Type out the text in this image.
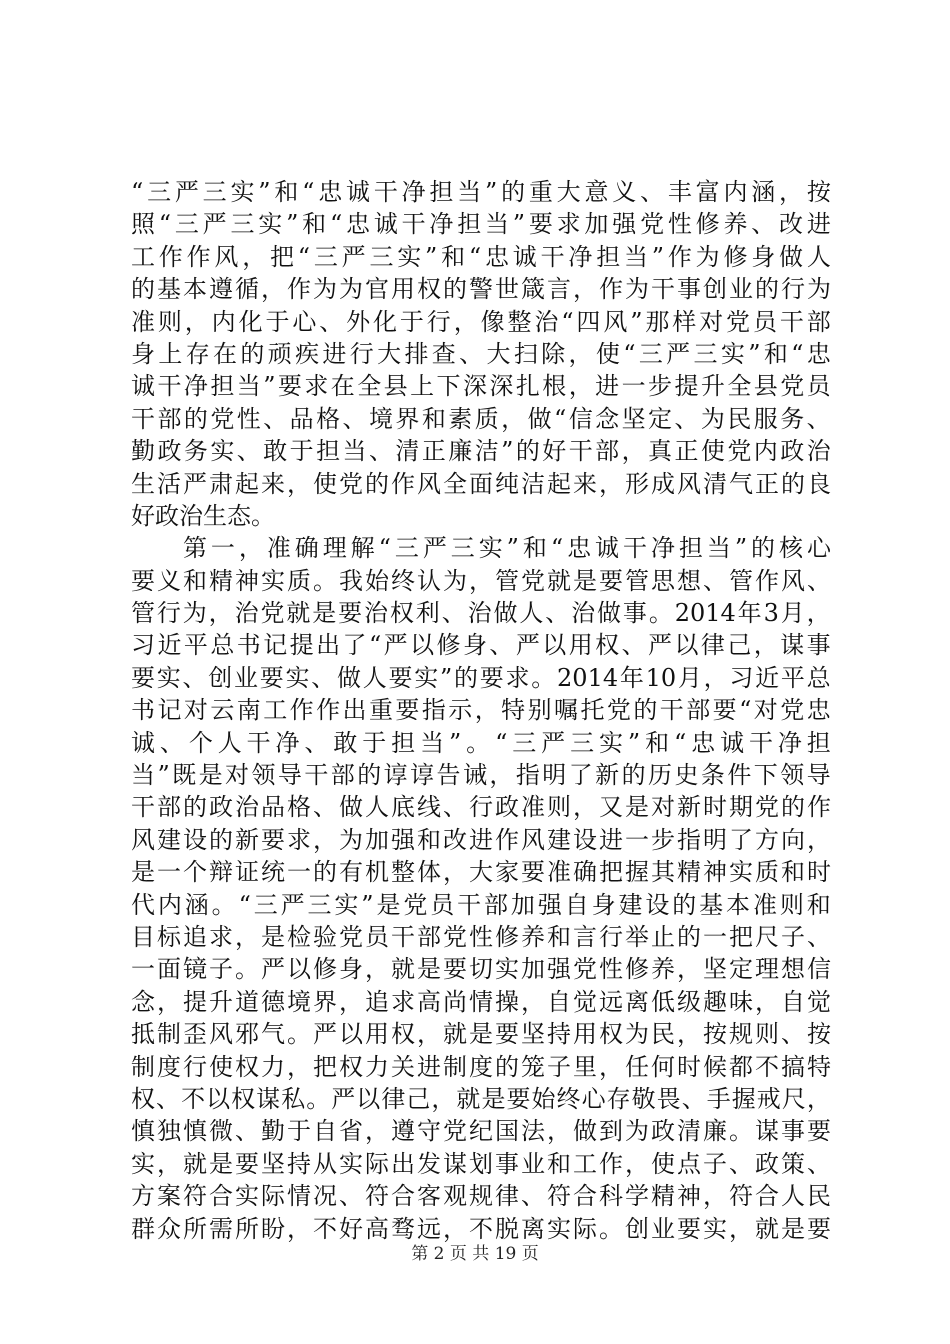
“ 三 严 三 实 ” 和 “ 忠 诚 干 净 担 当 ” 的 重 大 意 义 、 丰 富 内 涵 ， 按
照 “ 三 严 三 实 ” 和 “ 忠 诚 干 净 担 当 ” 要 求 加 强 党 性 修 养 、 改 进
工 作 作 风 ， 把 “ 三 严 三 实 ” 和 “ 忠 诚 干 净 担 当 ” 作 为 修 身 做 人
的 基 本 遵 循 ， 作 为 为 官 用 权 的 警 世 箴 言 ， 作 为 干 事 创 业 的 行 为
准 则 ， 内 化 于 心 、 外 化 于 行 ， 像 整 治 “ 四 风 ” 那 样 对 党 员 干 部
身 上 存 在 的 顽 疾 进 行 大 排 查 、 大 扫 除 ， 使 “ 三 严 三 实 ” 和 “ 忠
诚 干 净 担 当 ” 要 求 在 全 县 上 下 深 深 扎 根 ， 进 一 步 提 升 全 县 党 员
干 部 的 党 性 、 品 格 、 境 界 和 素 质 ， 做 “ 信 念 坚 定 、 为 民 服 务 、
勤 政 务 实 、 敢 于 担 当 、 清 正 廉 洁 ” 的 好 干 部 ， 真 正 使 党 内 政 治
生 活 严 肃 起 来 ， 使 党 的 作 风 全 面 纯 洁 起 来 ， 形 成 风 清 气 正 的 良
好政治生态。

第 一 ， 准 确 理 解 “ 三 严 三 实 ” 和 “ 忠 诚 干 净 担 当 ” 的 核 心
要 义 和 精 神 实 质 。 我 始 终 认 为 ， 管 党 就 是 要 管 思 想 、 管 作 风 、
管 行 为 ， 治 党 就 是 要 治 权 利 、 治 做 人 、 治 做 事 。 2014 年 3 月 ，
习 近 平 总 书 记 提 出 了 “ 严 以 修 身 、 严 以 用 权 、 严 以 律 己 ， 谋 事
要 实 、 创 业 要 实 、 做 人 要 实 ” 的 要 求 。 2014 年 10 月 ， 习 近 平 总
书 记 对 云 南 工 作 作 出 重 要 指 示 ， 特 别 嘱 托 党 的 干 部 要 “ 对 党 忠
诚 、 个 人 干 净 、 敢 于 担 当 ” 。 “ 三 严 三 实 ” 和 “ 忠 诚 干 净 担
当 ” 既 是 对 领 导 干 部 的 谆 谆 告 诫 ， 指 明 了 新 的 历 史 条 件 下 领 导
干 部 的 政 治 品 格 、 做 人 底 线 、 行 政 准 则 ， 又 是 对 新 时 期 党 的 作
风 建 设 的 新 要 求 ， 为 加 强 和 改 进 作 风 建 设 进 一 步 指 明 了 方 向 ，
是 一 个 辩 证 统 一 的 有 机 整 体 ， 大 家 要 准 确 把 握 其 精 神 实 质 和 时
代 内 涵 。 “ 三 严 三 实 ” 是 党 员 干 部 加 强 自 身 建 设 的 基 本 准 则 和
目 标 追 求 ， 是 检 验 党 员 干 部 党 性 修 养 和 言 行 举 止 的 一 把 尺 子 、
一 面 镜 子 。 严 以 修 身 ， 就 是 要 切 实 加 强 党 性 修 养 ， 坚 定 理 想 信
念 ， 提 升 道 德 境 界 ， 追 求 高 尚 情 操 ， 自 觉 远 离 低 级 趣 味 ， 自 觉
抵 制 歪 风 邪 气 。 严 以 用 权 ， 就 是 要 坚 持 用 权 为 民 ， 按 规 则 、 按
制 度 行 使 权 力 ， 把 权 力 关 进 制 度 的 笼 子 里 ， 任 何 时 候 都 不 搞 特
权 、 不 以 权 谋 私 。 严 以 律 己 ， 就 是 要 始 终 心 存 敬 畏 、 手 握 戒 尺 ，
慎 独 慎 微 、 勤 于 自 省 ， 遵 守 党 纪 国 法 ， 做 到 为 政 清 廉 。 谋 事 要
实 ， 就 是 要 坚 持 从 实 际 出 发 谋 划 事 业 和 工 作 ， 使 点 子 、 政 策 、
方 案 符 合 实 际 情 况 、 符 合 客 观 规 律 、 符 合 科 学 精 神 ， 符 合 人 民
群 众 所 需 所 盼 ， 不 好 高 骛 远 ， 不 脱 离 实 际 。 创 业 要 实 ， 就 是 要
第 2 页 共 19 页
